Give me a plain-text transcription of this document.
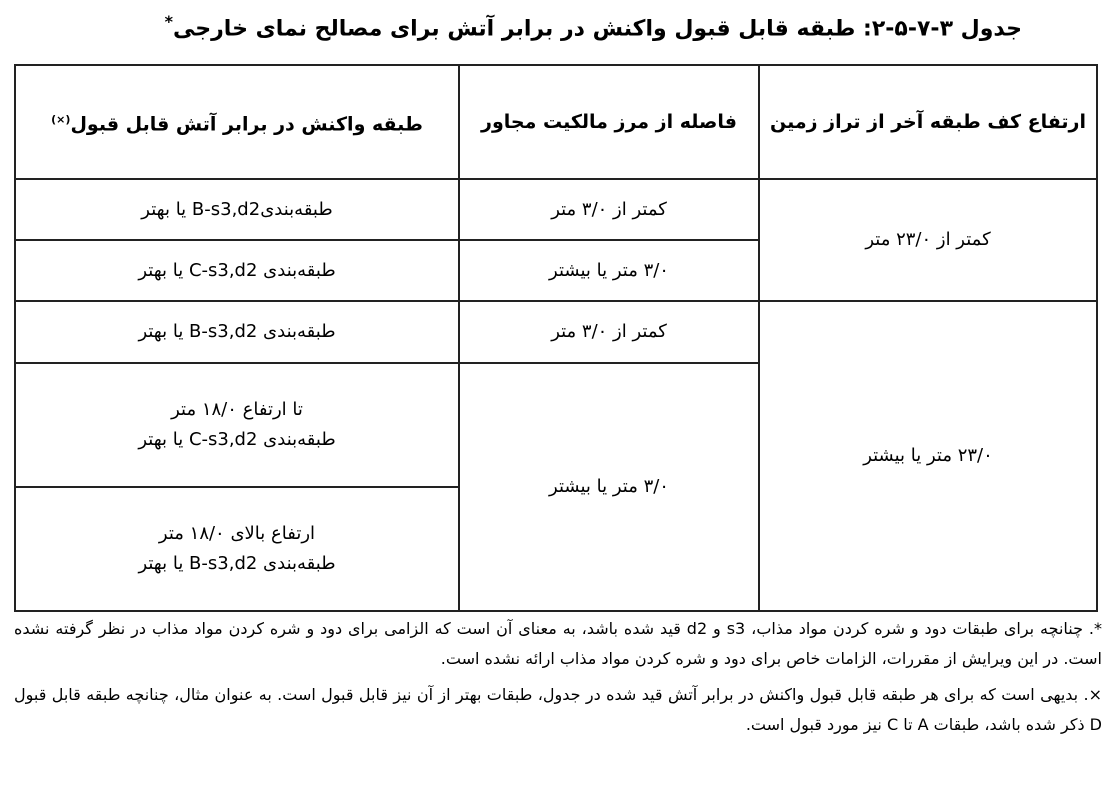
جدول ۳-۷-۵-۲: طبقه قابل قبول واکنش در برابر آتش برای مصالح نمای خارجی*
ارتفاع کف طبقه آخر از تراز زمین	فاصله از مرز مالکیت مجاور	طبقه واکنش در برابر آتش قابل قبول(×)
کمتر از ۲۳/۰ متر	کمتر از ۳/۰ متر	طبقه‌بندی‌B-s3,d2 یا بهتر
	۳/۰ متر یا بیشتر	طبقه‌بندی C-s3,d2 یا بهتر
۲۳/۰ متر یا بیشتر	کمتر از ۳/۰ متر	طبقه‌بندی B-s3,d2 یا بهتر
	۳/۰ متر یا بیشتر	تا ارتفاع ۱۸/۰ متر
طبقه‌بندی C-s3,d2 یا بهتر

		ارتفاع بالای ۱۸/۰ متر
طبقه‌بندی B-s3,d2 یا بهتر

*. چنانچه برای طبقات دود و شره کردن مواد مذاب، s3 و d2 قید شده باشد، به معنای آن است که الزامی برای دود و شره کردن مواد مذاب در نظر گرفته نشده است. در این ویرایش از مقررات، الزامات خاص برای دود و شره کردن مواد مذاب ارائه نشده است.

×. بدیهی است که برای هر طبقه قابل قبول واکنش در برابر آتش قید شده در جدول، طبقات بهتر از آن نیز قابل قبول است. به عنوان مثال، چنانچه طبقه قابل قبول D ذکر شده باشد، طبقات A تا C نیز مورد قبول است.
